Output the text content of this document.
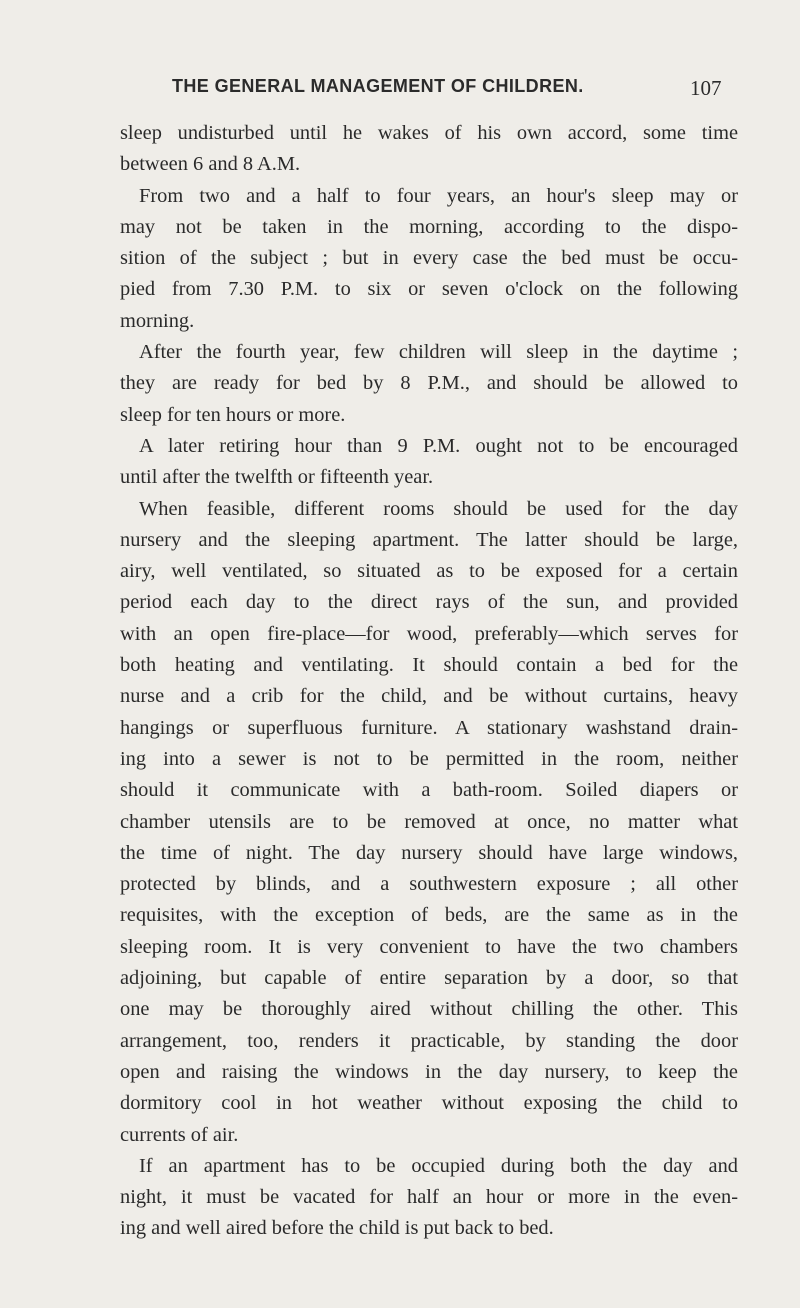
THE GENERAL MANAGEMENT OF CHILDREN.	107
sleep undisturbed until he wakes of his own accord, some time
between 6 and 8 A.M.
From two and a half to four years, an hour's sleep may or
may not be taken in the morning, according to the dispo-
sition of the subject ; but in every case the bed must be occu-
pied from 7.30 P.M. to six or seven o'clock on the following
morning.
After the fourth year, few children will sleep in the daytime ;
they are ready for bed by 8 P.M., and should be allowed to
sleep for ten hours or more.
A later retiring hour than 9 P.M. ought not to be encouraged
until after the twelfth or fifteenth year.
When feasible, different rooms should be used for the day
nursery and the sleeping apartment. The latter should be large,
airy, well ventilated, so situated as to be exposed for a certain
period each day to the direct rays of the sun, and provided
with an open fire-place—for wood, preferably—which serves for
both heating and ventilating. It should contain a bed for the
nurse and a crib for the child, and be without curtains, heavy
hangings or superfluous furniture. A stationary washstand drain-
ing into a sewer is not to be permitted in the room, neither
should it communicate with a bath-room. Soiled diapers or
chamber utensils are to be removed at once, no matter what
the time of night. The day nursery should have large windows,
protected by blinds, and a southwestern exposure ; all other
requisites, with the exception of beds, are the same as in the
sleeping room. It is very convenient to have the two chambers
adjoining, but capable of entire separation by a door, so that
one may be thoroughly aired without chilling the other. This
arrangement, too, renders it practicable, by standing the door
open and raising the windows in the day nursery, to keep the
dormitory cool in hot weather without exposing the child to
currents of air.
If an apartment has to be occupied during both the day and
night, it must be vacated for half an hour or more in the even-
ing and well aired before the child is put back to bed.
